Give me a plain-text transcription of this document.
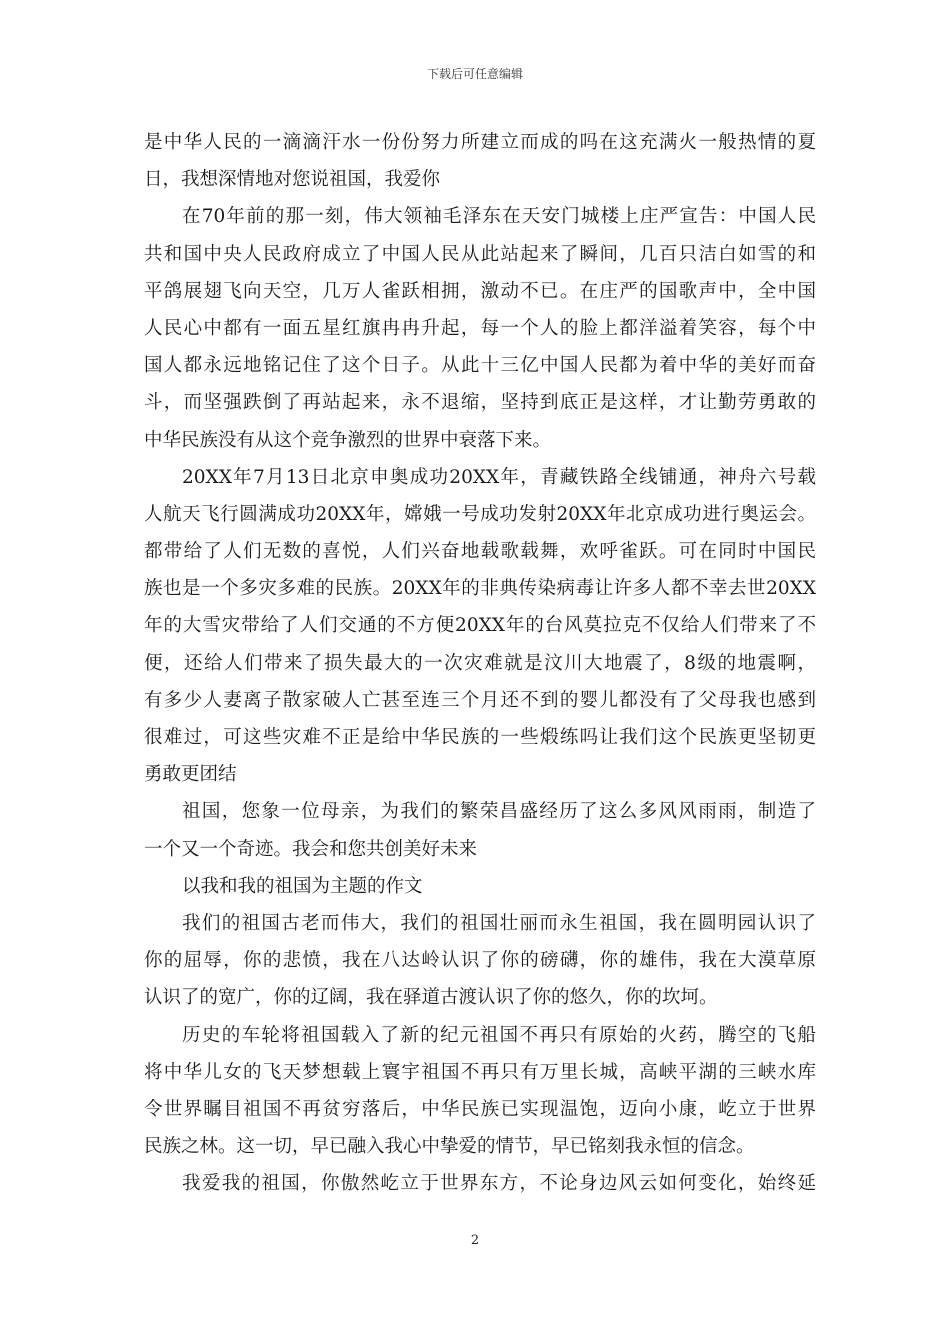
下载后可任意编辑
是中华人民的一滴滴汗水一份份努力所建立而成的吗在这充满火一般热情的夏
日，我想深情地对您说祖国，我爱你
在70年前的那一刻，伟大领袖毛泽东在天安门城楼上庄严宣告：中国人民
共和国中央人民政府成立了中国人民从此站起来了瞬间，几百只洁白如雪的和
平鸽展翅飞向天空，几万人雀跃相拥，激动不已。在庄严的国歌声中，全中国
人民心中都有一面五星红旗冉冉升起，每一个人的脸上都洋溢着笑容，每个中
国人都永远地铭记住了这个日子。从此十三亿中国人民都为着中华的美好而奋
斗，而坚强跌倒了再站起来，永不退缩，坚持到底正是这样，才让勤劳勇敢的
中华民族没有从这个竞争激烈的世界中衰落下来。
20XX年7月13日北京申奥成功20XX年，青藏铁路全线铺通，神舟六号载
人航天飞行圆满成功20XX年，嫦娥一号成功发射20XX年北京成功进行奥运会。
都带给了人们无数的喜悦，人们兴奋地载歌载舞，欢呼雀跃。可在同时中国民
族也是一个多灾多难的民族。20XX年的非典传染病毒让许多人都不幸去世20XX
年的大雪灾带给了人们交通的不方便20XX年的台风莫拉克不仅给人们带来了不
便，还给人们带来了损失最大的一次灾难就是汶川大地震了，8级的地震啊，
有多少人妻离子散家破人亡甚至连三个月还不到的婴儿都没有了父母我也感到
很难过，可这些灾难不正是给中华民族的一些煅练吗让我们这个民族更坚韧更
勇敢更团结
祖国，您象一位母亲，为我们的繁荣昌盛经历了这么多风风雨雨，制造了
一个又一个奇迹。我会和您共创美好未来
以我和我的祖国为主题的作文
我们的祖国古老而伟大，我们的祖国壮丽而永生祖国，我在圆明园认识了
你的屈辱，你的悲愤，我在八达岭认识了你的磅礴，你的雄伟，我在大漠草原
认识了的宽广，你的辽阔，我在驿道古渡认识了你的悠久，你的坎坷。
历史的车轮将祖国载入了新的纪元祖国不再只有原始的火药，腾空的飞船
将中华儿女的飞天梦想载上寰宇祖国不再只有万里长城，高峡平湖的三峡水库
令世界瞩目祖国不再贫穷落后，中华民族已实现温饱，迈向小康，屹立于世界
民族之林。这一切，早已融入我心中挚爱的情节，早已铭刻我永恒的信念。
我爱我的祖国，你傲然屹立于世界东方，不论身边风云如何变化，始终延
2
